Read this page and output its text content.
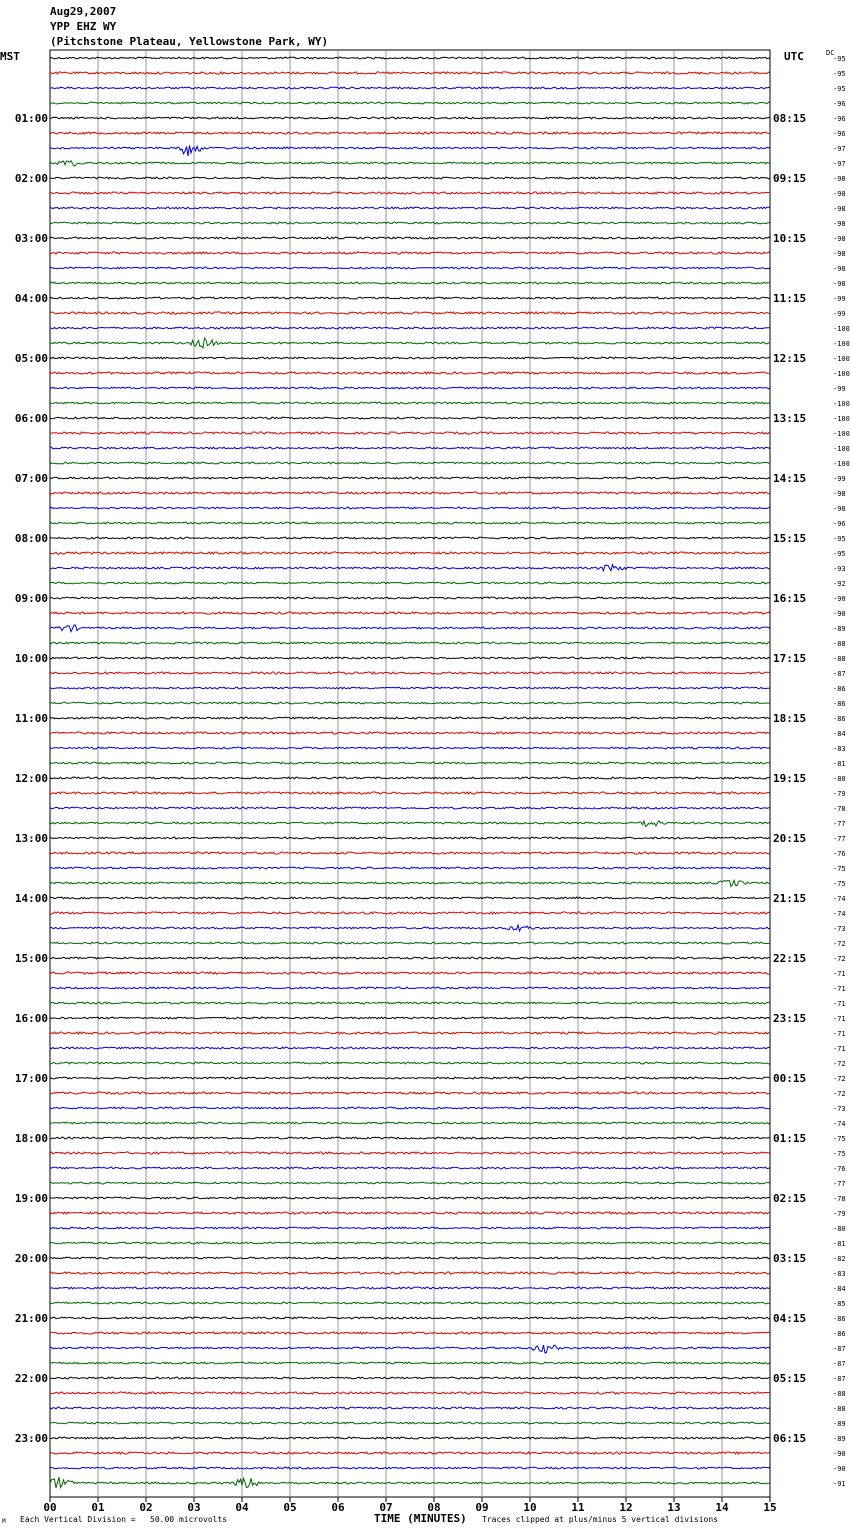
Aug29,2007
YPP EHZ WY
(Pitchstone Plateau, Yellowstone Park, WY)
MST	UTC	DC
00	01	02	03	04	05	06	07	08	09	10	11	12	13	14	15
-95
-95
-95
-96
-96
-96
-97
-97
-98
-98
-98
-98
-98
-98
-98
-98
-99
-99
-100
-100
-100
-100
-99
-100
-100
-100
-100
-100
-99
-98
-98
-96
-95
-95
-93
-92
-90
-90
-89
-88
-88
-87
-86
-86
-86
-84
-83
-81
-80
-79
-78
-77
-77
-76
-75
-75
-74
-74
-73
-72
-72
-71
-71
-71
-71
-71
-71
-72
-72
-72
-73
-74
-75
-75
-76
-77
-78
-79
-80
-81
-82
-83
-84
-85
-86
-86
-87
-87
-87
-88
-88
-89
-89
-90
-90
-91
01:00	08:15
02:00	09:15
03:00	10:15
04:00	11:15
05:00	12:15
06:00	13:15
07:00	14:15
08:00	15:15
09:00	16:15
10:00	17:15
11:00	18:15
12:00	19:15
13:00	20:15
14:00	21:15
15:00	22:15
16:00	23:15
17:00	00:15
18:00	01:15
19:00	02:15
20:00	03:15
21:00	04:15
22:00	05:15
23:00	06:15
M Each Vertical Division =   50.00 microvolts	TIME (MINUTES) Traces clipped at plus/minus 5 vertical divisions
